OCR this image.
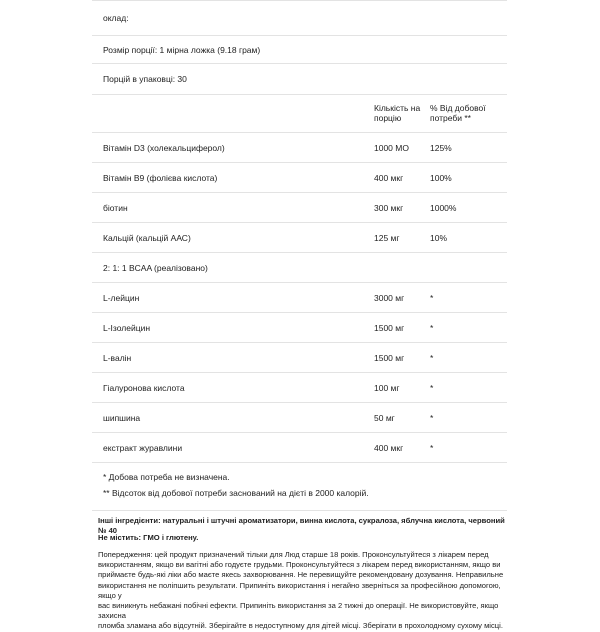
оклад:
Розмір порції: 1 мірна ложка (9.18 грам)
Порцій в упаковці: 30
Кількість на
порцію
% Від добової
потреби **
Вітамін D3 (холекальциферол)	1000 МО 125%
Вітамін B9 (фолієва кислота)	400 мкг	100%
біотин	300 мкг	1000%
Кальцій (кальцій ААС)	125 мг	10%
2: 1: 1 BCAA (реалізовано)
L-лейцин	3000 мг	*
L-Ізолейцин	1500 мг	*
L-валін	1500 мг	*
Гіалуронова кислота	100 мг	*
шипшина	50 мг	*
екстракт журавлини	400 мкг	*
* Добова потреба не визначена.
** Відсоток від добової потреби заснований на дієті в 2000 калорій.
Інші інгредієнти: натуральні і штучні ароматизатори, винна кислота, сукралоза, яблучна кислота, червоний № 40
Не містить: ГМО і глютену.
Попередження: цей продукт призначений тільки для Люд старше 18 років. Проконсультуйтеся з лікарем перед
використанням, якщо ви вагітні або годуєте грудьми. Проконсультуйтеся з лікарем перед використанням, якщо ви
приймаєте будь-які ліки або маєте якесь захворювання. Не перевищуйте рекомендовану дозування. Неправильне
використання не поліпшить результати. Припиніть використання і негайно зверніться за професійною допомогою, якщо у
вас виникнуть небажані побічні ефекти. Припиніть використання за 2 тижні до операції. Не використовуйте, якщо захисна
пломба зламана або відсутній. Зберігайте в недоступному для дітей місці. Зберігати в прохолодному сухому місці.
